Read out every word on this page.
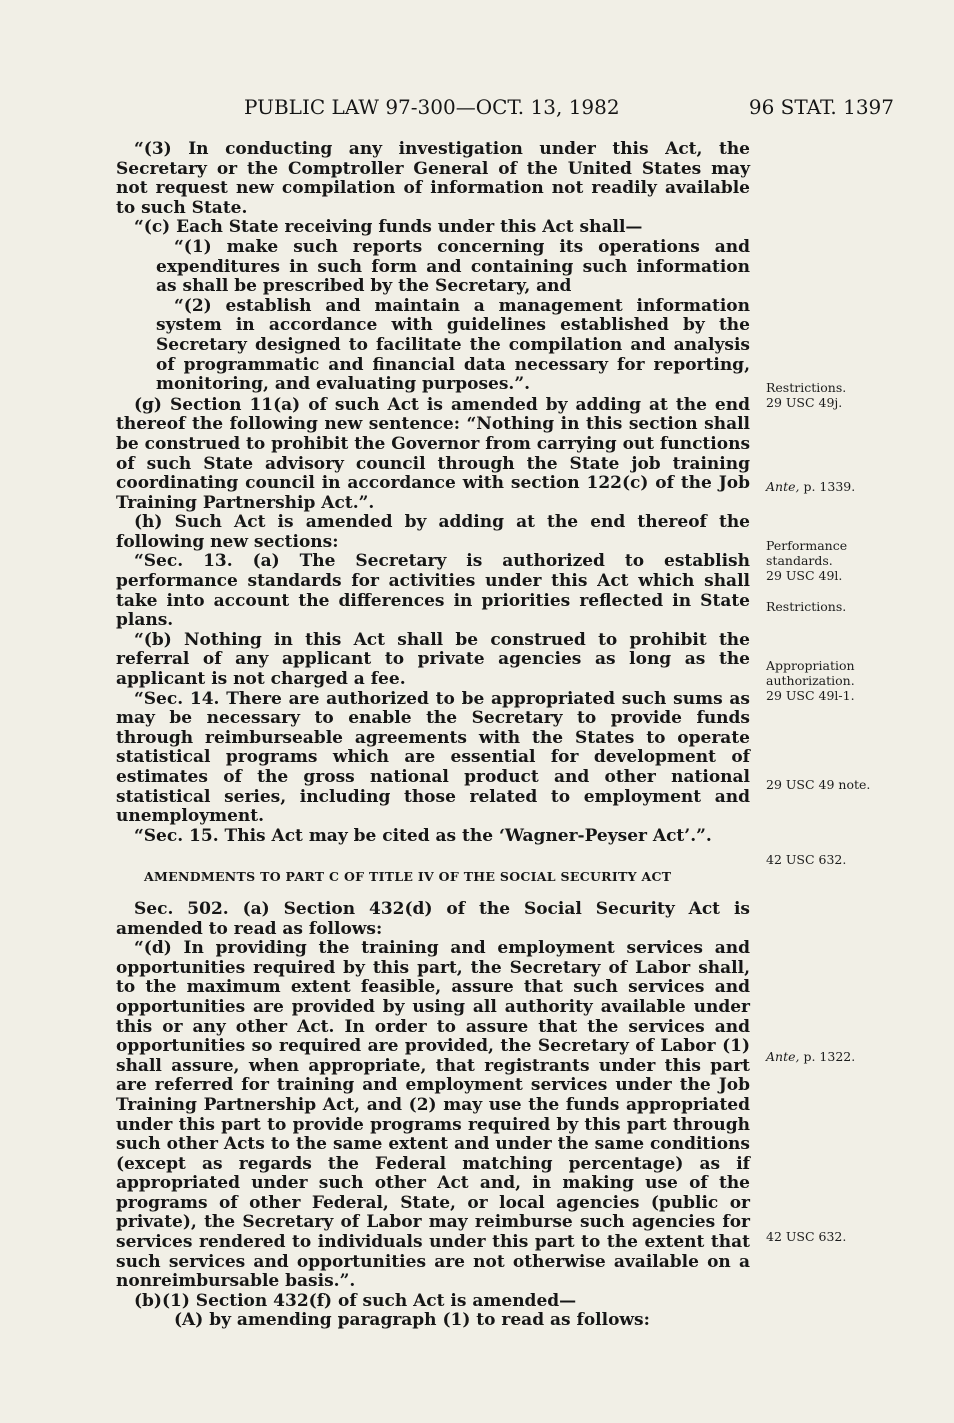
PUBLIC LAW 97-300—OCT. 13, 1982	96 STAT. 1397

“(3) In conducting any investigation under this Act, the Secretary or the Comptroller General of the United States may not request new compilation of information not readily available to such State.

“(c) Each State receiving funds under this Act shall—

“(1) make such reports concerning its operations and expenditures in such form and containing such information as shall be prescribed by the Secretary, and

“(2) establish and maintain a management information system in accordance with guidelines established by the Secretary designed to facilitate the compilation and analysis of programmatic and financial data necessary for reporting, monitoring, and evaluating purposes.”.

(g) Section 11(a) of such Act is amended by adding at the end thereof the following new sentence: “Nothing in this section shall be construed to prohibit the Governor from carrying out functions of such State advisory council through the State job training coordinating council in accordance with section 122(c) of the Job Training Partnership Act.”.

(h) Such Act is amended by adding at the end thereof the following new sections:

“Sec. 13. (a) The Secretary is authorized to establish performance standards for activities under this Act which shall take into account the differences in priorities reflected in State plans.

“(b) Nothing in this Act shall be construed to prohibit the referral of any applicant to private agencies as long as the applicant is not charged a fee.

“Sec. 14. There are authorized to be appropriated such sums as may be necessary to enable the Secretary to provide funds through reimburseable agreements with the States to operate statistical programs which are essential for development of estimates of the gross national product and other national statistical series, including those related to employment and unemployment.

“Sec. 15. This Act may be cited as the ‘Wagner-Peyser Act’.”.

AMENDMENTS TO PART C OF TITLE IV OF THE SOCIAL SECURITY ACT

Sec. 502. (a) Section 432(d) of the Social Security Act is amended to read as follows:

“(d) In providing the training and employment services and opportunities required by this part, the Secretary of Labor shall, to the maximum extent feasible, assure that such services and opportunities are provided by using all authority available under this or any other Act. In order to assure that the services and opportunities so required are provided, the Secretary of Labor (1) shall assure, when appropriate, that registrants under this part are referred for training and employment services under the Job Training Partnership Act, and (2) may use the funds appropriated under this part to provide programs required by this part through such other Acts to the same extent and under the same conditions (except as regards the Federal matching percentage) as if appropriated under such other Act and, in making use of the programs of other Federal, State, or local agencies (public or private), the Secretary of Labor may reimburse such agencies for services rendered to individuals under this part to the extent that such services and opportunities are not otherwise available on a nonreimbursable basis.”.

(b)(1) Section 432(f) of such Act is amended—

(A) by amending paragraph (1) to read as follows:

Restrictions.
29 USC 49j.
Ante, p. 1339.
Performance standards.
29 USC 49l.
Restrictions.
Appropriation authorization.
29 USC 49l-1.
29 USC 49 note.
42 USC 632.
Ante, p. 1322.
42 USC 632.
